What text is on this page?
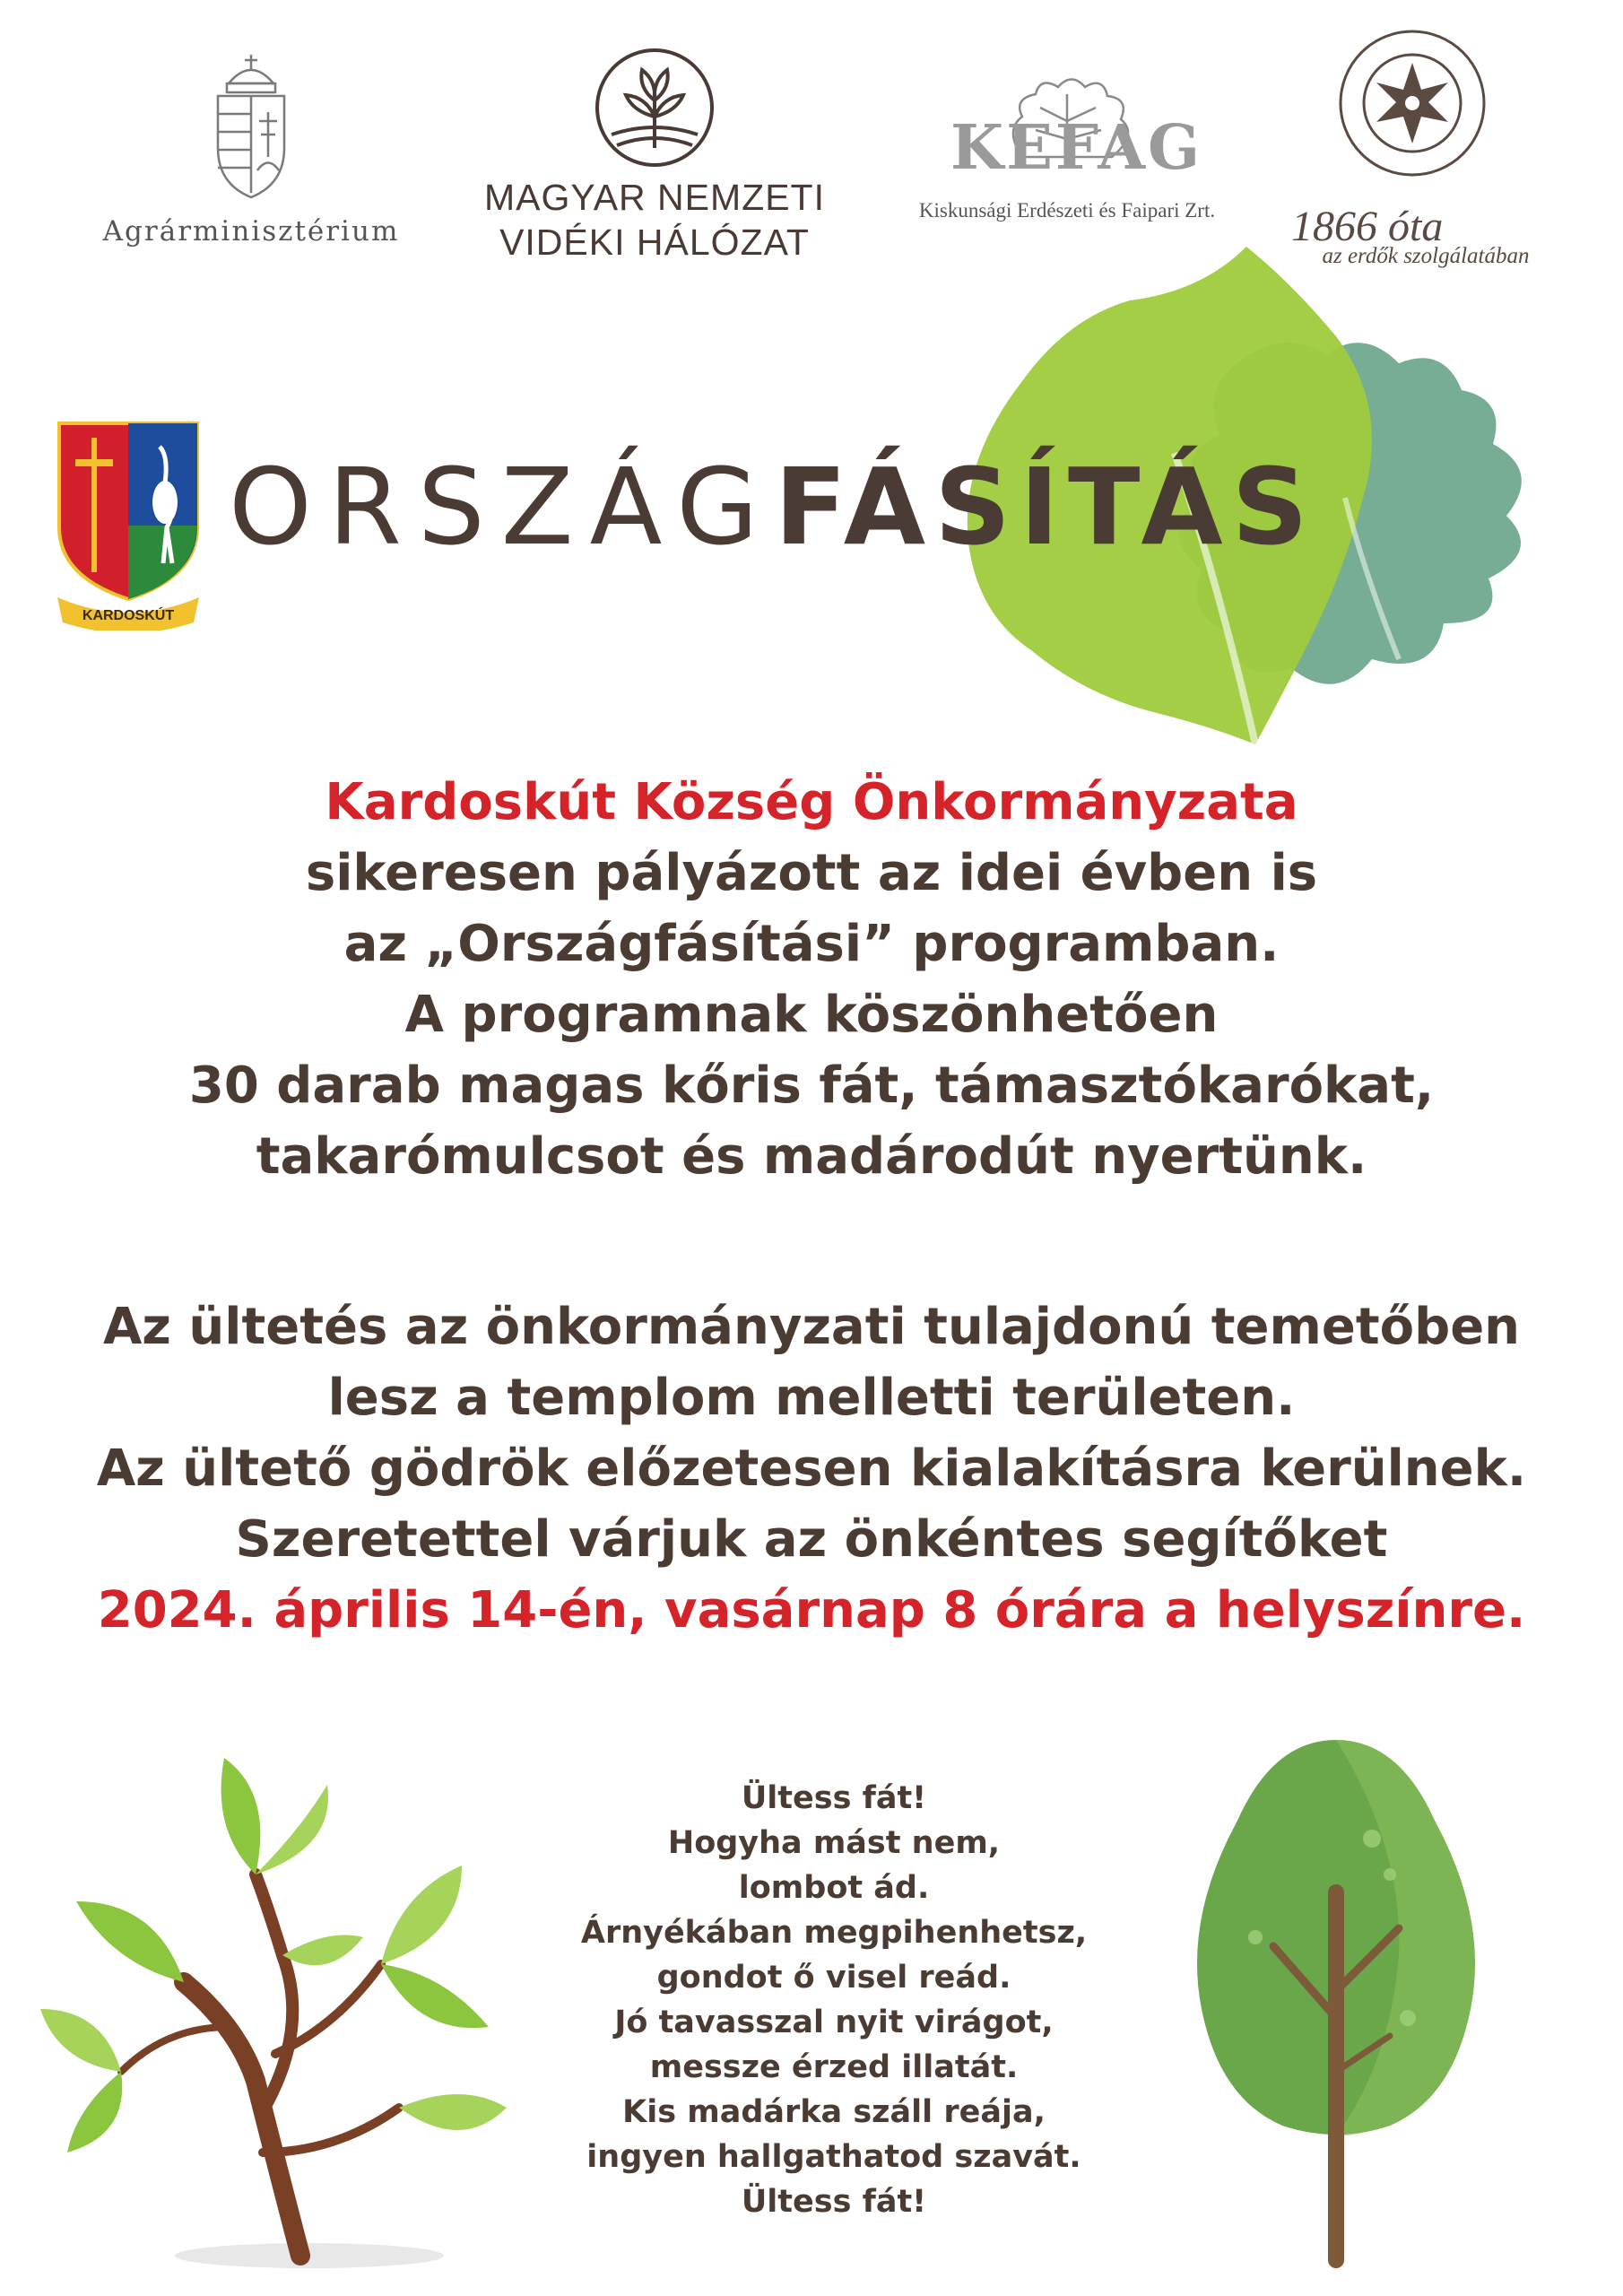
Agrárminisztérium
MAGYAR NEMZETI
VIDÉKI HÁLÓZAT
KEFAG
Kiskunsági Erdészeti és Faipari Zrt.	1866 óta
az erdők szolgálatában
KARDOSKÚT
ORSZÁGFÁSÍTÁS
Kardoskút Község Önkormányzata
sikeresen pályázott az idei évben is
az „Országfásítási” programban.
A programnak köszönhetően
30 darab magas kőris fát, támasztókarókat,
takarómulcsot és madárodút nyertünk.
Az ültetés az önkormányzati tulajdonú temetőben
lesz a templom melletti területen.
Az ültető gödrök előzetesen kialakításra kerülnek.
Szeretettel várjuk az önkéntes segítőket
2024. április 14-én, vasárnap 8 órára a helyszínre.
Ültess fát!
Hogyha mást nem,
lombot ád.
Árnyékában megpihenhetsz,
gondot ő visel reád.
Jó tavasszal nyit virágot,
messze érzed illatát.
Kis madárka száll reája,
ingyen hallgathatod szavát.
Ültess fát!
